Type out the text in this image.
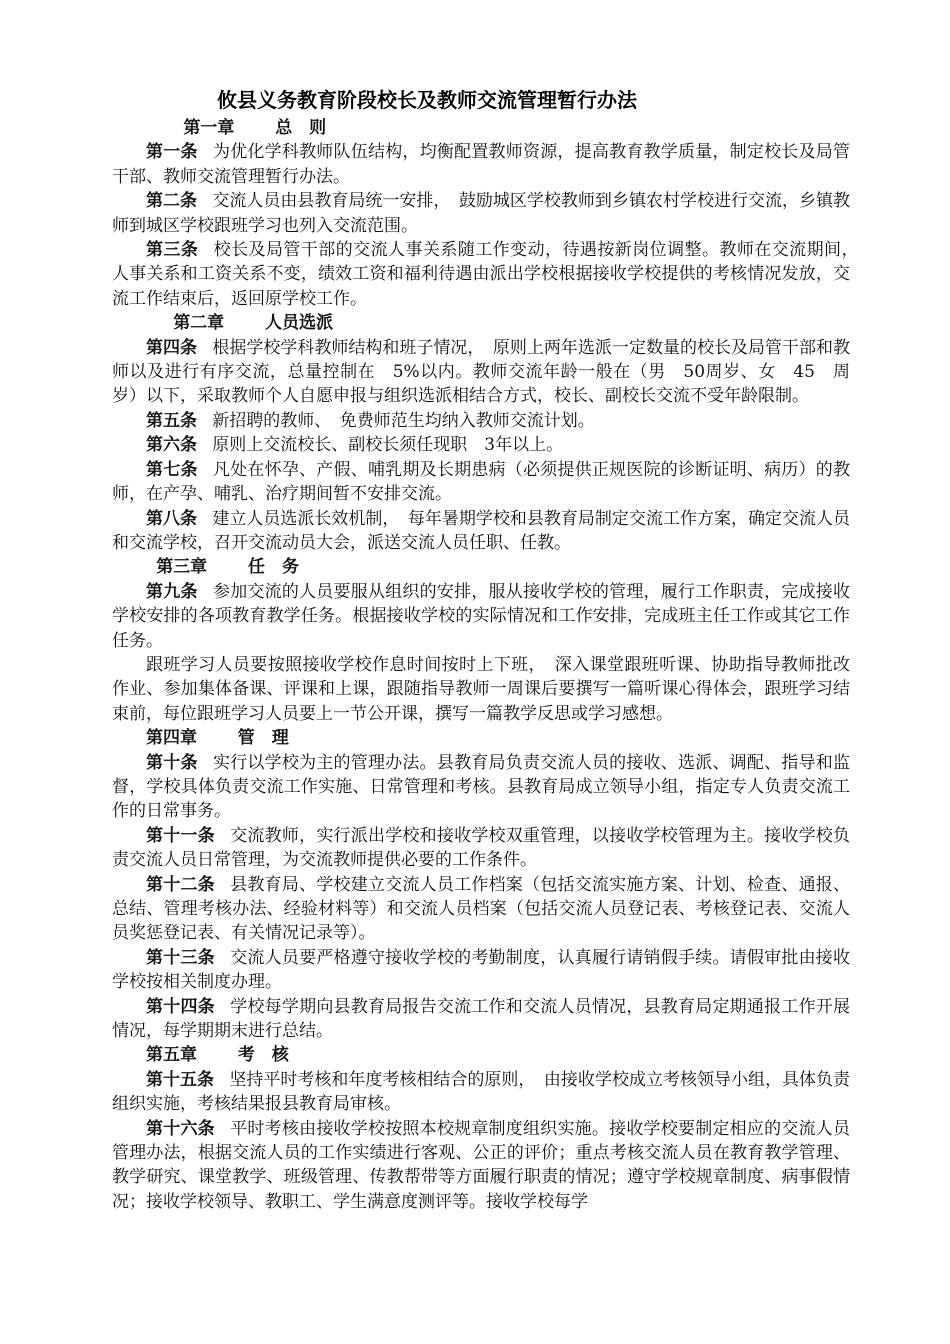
攸县义务教育阶段校长及教师交流管理暂行办法

第一章 总　则

第一条 为优化学科教师队伍结构，均衡配置教师资源，提高教育教学质量，制定校长及局管干部、教师交流管理暂行办法。

第二条 交流人员由县教育局统一安排，　鼓励城区学校教师到乡镇农村学校进行交流，乡镇教师到城区学校跟班学习也列入交流范围。

第三条 校长及局管干部的交流人事关系随工作变动，待遇按新岗位调整。教师在交流期间，　人事关系和工资关系不变，绩效工资和福利待遇由派出学校根据接收学校提供的考核情况发放，交流工作结束后，返回原学校工作。

第二章 人员选派

第四条 根据学校学科教师结构和班子情况，　原则上两年选派一定数量的校长及局管干部和教师以及进行有序交流，总量控制在　5%以内。教师交流年龄一般在（男　50周岁、女　45　周岁）以下，采取教师个人自愿申报与组织选派相结合方式，校长、副校长交流不受年龄限制。

第五条 新招聘的教师、　免费师范生均纳入教师交流计划。

第六条 原则上交流校长、副校长须任现职　3年以上。

第七条 凡处在怀孕、产假、哺乳期及长期患病（必须提供正规医院的诊断证明、病历）的教师，在产孕、哺乳、治疗期间暂不安排交流。

第八条 建立人员选派长效机制，　每年暑期学校和县教育局制定交流工作方案，确定交流人员和交流学校，召开交流动员大会，派送交流人员任职、任教。

第三章 任　务

第九条 参加交流的人员要服从组织的安排，服从接收学校的管理，履行工作职责，完成接收学校安排的各项教育教学任务。根据接收学校的实际情况和工作安排，完成班主任工作或其它工作任务。

跟班学习人员要按照接收学校作息时间按时上下班，　深入课堂跟班听课、协助指导教师批改作业、参加集体备课、评课和上课，跟随指导教师一周课后要撰写一篇听课心得体会，跟班学习结束前，每位跟班学习人员要上一节公开课，撰写一篇教学反思或学习感想。

第四章 管　理

第十条 实行以学校为主的管理办法。县教育局负责交流人员的接收、选派、调配、指导和监督，学校具体负责交流工作实施、日常管理和考核。县教育局成立领导小组，指定专人负责交流工作的日常事务。

第十一条 交流教师，实行派出学校和接收学校双重管理，以接收学校管理为主。接收学校负责交流人员日常管理，为交流教师提供必要的工作条件。

第十二条 县教育局、学校建立交流人员工作档案（包括交流实施方案、计划、检查、通报、总结、管理考核办法、经验材料等）和交流人员档案（包括交流人员登记表、考核登记表、交流人员奖惩登记表、有关情况记录等）。

第十三条 交流人员要严格遵守接收学校的考勤制度，认真履行请销假手续。请假审批由接收学校按相关制度办理。

第十四条 学校每学期向县教育局报告交流工作和交流人员情况，县教育局定期通报工作开展情况，每学期期末进行总结。

第五章 考　核

第十五条 坚持平时考核和年度考核相结合的原则，　由接收学校成立考核领导小组，具体负责组织实施，考核结果报县教育局审核。

第十六条 平时考核由接收学校按照本校规章制度组织实施。接收学校要制定相应的交流人员管理办法，根据交流人员的工作实绩进行客观、公正的评价；重点考核交流人员在教育教学管理、教学研究、课堂教学、班级管理、传教帮带等方面履行职责的情况；遵守学校规章制度、病事假情况；接收学校领导、教职工、学生满意度测评等。接收学校每学
